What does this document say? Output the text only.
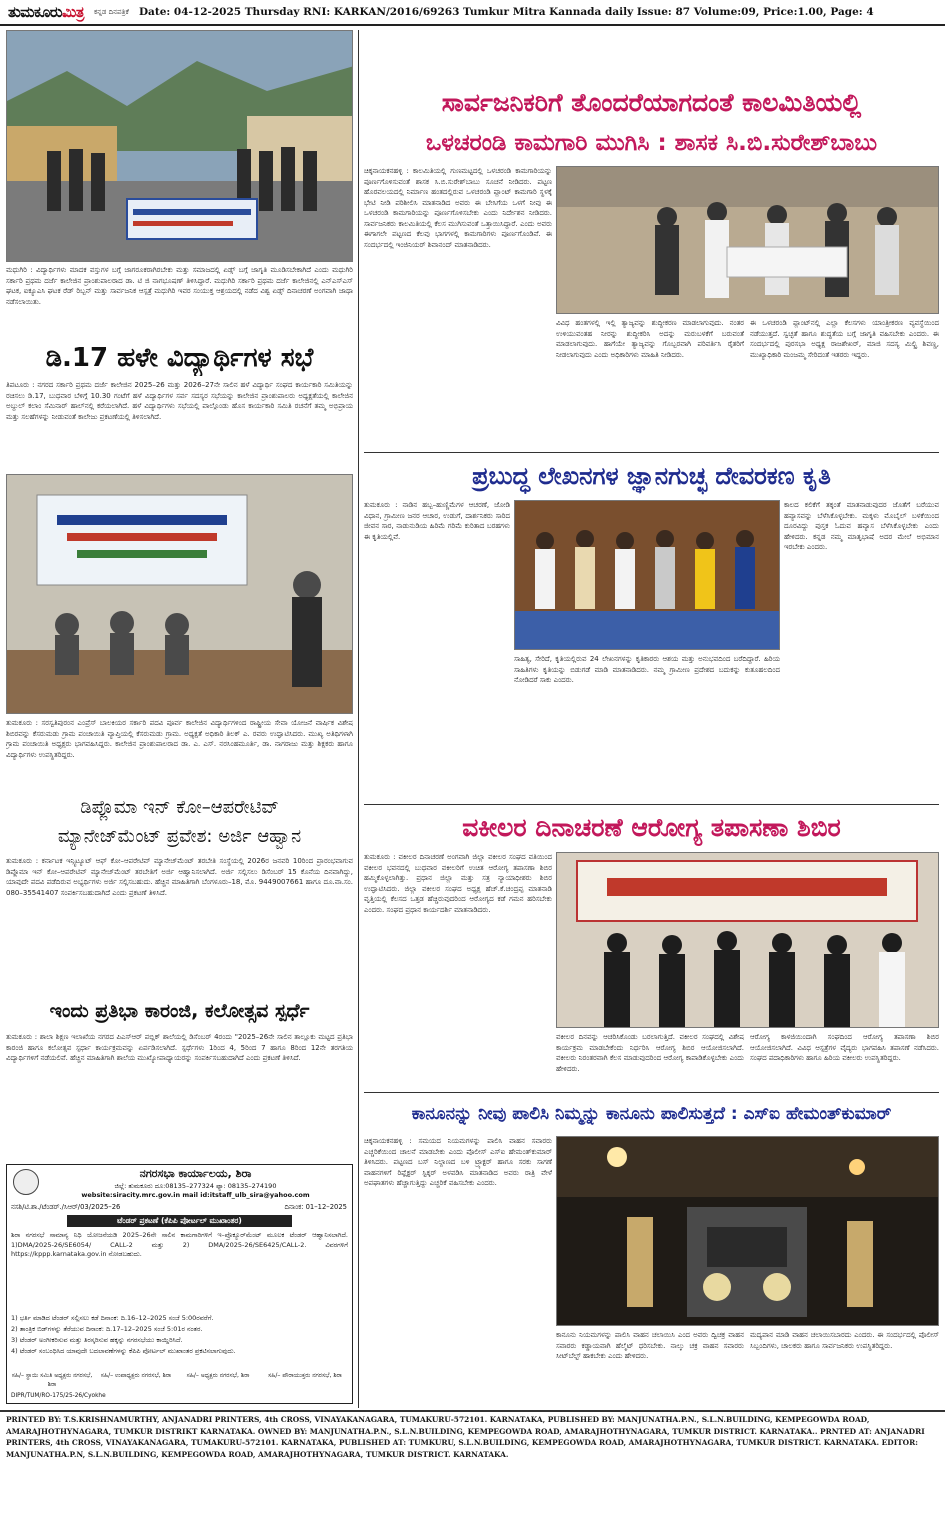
ತುಮಕೂರುಮಿತ್ರ ಕನ್ನಡ ದಿನಪತ್ರಿಕೆ Date: 04-12-2025 Thursday RNI: KARKAN/2016/69263 Tumkur Mitra Kannada daily Issue: 87 Volume:09, Price:1.00, Page: 4
ಮಧುಗಿರಿ : ವಿದ್ಯಾರ್ಥಿಗಳು ಮಾದಕ ವಸ್ತುಗಳ ಬಗ್ಗೆ ಜಾಗರೂಕರಾಗಿರಬೇಕು ಮತ್ತು ಸಮಾಜದಲ್ಲಿ ಏಡ್ಸ್ ಬಗ್ಗೆ ಜಾಗೃತಿ ಮೂಡಿಸಬೇಕಾಗಿದೆ ಎಂದು ಮಧುಗಿರಿ ಸರ್ಕಾರಿ ಪ್ರಥಮ ದರ್ಜೆ ಕಾಲೇಜಿನ ಪ್ರಾಂಶುಪಾಲರಾದ ಡಾ. ಟಿ ಜಿ ನಾಗಭೂಷಣ್ ತಿಳಿಸಿದ್ದಾರೆ. ಮಧುಗಿರಿ ಸರ್ಕಾರಿ ಪ್ರಥಮ ದರ್ಜೆ ಕಾಲೇಜಿನಲ್ಲಿ ಎನ್‌ಎಸ್‌ಎಸ್ ಘಟಕ, ಐಕ್ಯೂಎಸಿ ಘಟಕ ರೆಡ್ ರಿಬ್ಬನ್ ಮತ್ತು ಸಾರ್ವಜನಿಕ ಆಸ್ಪತ್ರೆ ಮಧುಗಿರಿ ಇವರ ಸಂಯುಕ್ತ ಆಶ್ರಯದಲ್ಲಿ ನಡೆದ ವಿಶ್ವ ಏಡ್ಸ್ ದಿನಾಚರಣೆ ಅಂಗವಾಗಿ ಜಾಥಾ ನಡೆಸಲಾಯಿತು.
ಡಿ.17 ಹಳೇ ವಿದ್ಯಾರ್ಥಿಗಳ ಸಭೆ
ತಿಪಟೂರು : ನಗರದ ಸರ್ಕಾರಿ ಪ್ರಥಮ ದರ್ಜೆ ಕಾಲೇಜಿನ 2025–26 ಮತ್ತು 2026–27ನೇ ಸಾಲಿನ ಹಳೆ ವಿದ್ಯಾರ್ಥಿ ಸಂಘದ ಕಾರ್ಯಕಾರಿ ಸಮಿತಿಯನ್ನು ರಚಿಸಲು ಡಿ.17, ಬುಧವಾರ ಬೆಳಿಗ್ಗೆ 10.30 ಗಂಟೆಗೆ ಹಳೆ ವಿದ್ಯಾರ್ಥಿಗಳ ಸರ್ವ ಸದಸ್ಯರ ಸಭೆಯನ್ನು ಕಾಲೇಜಿನ ಪ್ರಾಂಶುಪಾಲರು ಅಧ್ಯಕ್ಷತೆಯಲ್ಲಿ ಕಾಲೇಜಿನ ಅಬ್ದುಲ್ ಕಲಾಂ ಸೆಮಿನಾರ್ ಹಾಲ್‌ನಲ್ಲಿ ಕರೆಯಲಾಗಿದೆ. ಹಳೆ ವಿದ್ಯಾರ್ಥಿಗಳು ಸಭೆಯಲ್ಲಿ ಪಾಲ್ಗೊಂಡು ಹೊಸ ಕಾರ್ಯಕಾರಿ ಸಮಿತಿ ರಚನೆಗೆ ತಮ್ಮ ಅಭಿಪ್ರಾಯ ಮತ್ತು ಸಲಹೆಗಳನ್ನು ನೀಡುವಂತೆ ಕಾಲೇಜು ಪ್ರಕಟಣೆಯಲ್ಲಿ ತಿಳಿಸಲಾಗಿದೆ.
ತುಮಕೂರು : ಸರಸ್ವತಿಪುರಂನ ಎಂಪ್ರೆಸ್ ಬಾಲಕಿಯರ ಸರ್ಕಾರಿ ಪದವಿ ಪೂರ್ವ ಕಾಲೇಜಿನ ವಿದ್ಯಾರ್ಥಿಗಳಿಂದ ರಾಷ್ಟ್ರೀಯ ಸೇವಾ ಯೋಜನೆ ವಾರ್ಷಿಕ ವಿಶೇಷ ಶಿಬಿರವನ್ನು ಕೆಸರುಮಡು ಗ್ರಾಮ ಪಂಚಾಯಿತಿ ವ್ಯಾಪ್ತಿಯಲ್ಲಿ ಕೆಸರುಮಡು ಗ್ರಾಮ. ಅಧ್ಯಕ್ಷತೆ ಅಧಿಕಾರಿ ತಿಲಕ್ ಎ. ರವರು ಉದ್ಘಾಟಿಸಿದರು. ಮುಖ್ಯ ಅತಿಥಿಗಳಾಗಿ ಗ್ರಾಮ ಪಂಚಾಯಿತಿ ಅಧ್ಯಕ್ಷರು ಭಾಗವಹಿಸಿದ್ದರು. ಕಾಲೇಜಿನ ಪ್ರಾಂಶುಪಾಲರಾದ ಡಾ. ಎ. ಎಸ್. ನರಸಿಂಹಮೂರ್ತಿ, ಡಾ. ನಾಗರಾಜು ಮತ್ತು ಶಿಕ್ಷಕರು ಹಾಗೂ ವಿದ್ಯಾರ್ಥಿಗಳು ಉಪಸ್ಥಿತರಿದ್ದರು.
ಡಿಪ್ಲೊಮಾ ಇನ್ ಕೋ–ಆಪರೇಟಿವ್
ಮ್ಯಾನೇಜ್‌ಮೆಂಟ್ ಪ್ರವೇಶ: ಅರ್ಜಿ ಆಹ್ವಾನ
ತುಮಕೂರು : ಕರ್ನಾಟಕ ಇನ್ಸ್ಟಿಟ್ಯೂಟ್ ಆಫ್ ಕೋ–ಆಪರೇಟಿವ್ ಮ್ಯಾನೇಜ್‌ಮೆಂಟ್ ತರಬೇತಿ ಸಂಸ್ಥೆಯಲ್ಲಿ 2026ರ ಜನವರಿ 10ರಿಂದ ಪ್ರಾರಂಭವಾಗುವ ಡಿಪ್ಲೊಮಾ ಇನ್ ಕೋ–ಆಪರೇಟಿವ್ ಮ್ಯಾನೇಜ್‌ಮೆಂಟ್ ತರಬೇತಿಗೆ ಅರ್ಜಿ ಆಹ್ವಾನಿಸಲಾಗಿದೆ. ಅರ್ಜಿ ಸಲ್ಲಿಸಲು ಡಿಸೆಂಬರ್ 15 ಕೊನೆಯ ದಿನವಾಗಿದ್ದು, ಯಾವುದೇ ಪದವಿ ಪಡೆದಿರುವ ಅಭ್ಯರ್ಥಿಗಳು ಅರ್ಜಿ ಸಲ್ಲಿಸಬಹುದು. ಹೆಚ್ಚಿನ ಮಾಹಿತಿಗಾಗಿ ಬೆಂಗಳೂರು–18, ಮೊ. 9449007661 ಹಾಗೂ ದೂ.ವಾ.ಸಂ. 080–35541407 ಸಂಪರ್ಕಿಸಬಹುದಾಗಿದೆ ಎಂದು ಪ್ರಕಟಣೆ ತಿಳಿಸಿದೆ.
ಇಂದು ಪ್ರತಿಭಾ ಕಾರಂಜಿ, ಕಲೋತ್ಸವ ಸ್ಪರ್ಧೆ
ತುಮಕೂರು : ಶಾಲಾ ಶಿಕ್ಷಣ ಇಲಾಖೆಯ ನಗರದ ಪಿಎಸ್‌ಆರ್ ಪಬ್ಲಿಕ್ ಶಾಲೆಯಲ್ಲಿ ಡಿಸೆಂಬರ್ 4ರಂದು "2025–26ನೇ ಸಾಲಿನ ತಾಲ್ಲೂಕು ಮಟ್ಟದ ಪ್ರತಿಭಾ ಕಾರಂಜಿ ಹಾಗೂ ಕಲೋತ್ಸವ ಸ್ಪರ್ಧಾ ಕಾರ್ಯಕ್ರಮವನ್ನು ಏರ್ಪಡಿಸಲಾಗಿದೆ. ಸ್ಪರ್ಧೆಗಳು 1ರಿಂದ 4, 5ರಿಂದ 7 ಹಾಗೂ 8ರಿಂದ 12ನೇ ತರಗತಿಯ ವಿದ್ಯಾರ್ಥಿಗಳಿಗೆ ನಡೆಯಲಿವೆ. ಹೆಚ್ಚಿನ ಮಾಹಿತಿಗಾಗಿ ಶಾಲೆಯ ಮುಖ್ಯೋಪಾಧ್ಯಾಯರನ್ನು ಸಂಪರ್ಕಿಸಬಹುದಾಗಿದೆ ಎಂದು ಪ್ರಕಟಣೆ ತಿಳಿಸಿದೆ.
ನಗರಸಭಾ ಕಾರ್ಯಾಲಯ, ಶಿರಾ
ಜಿಲ್ಲೆ: ತುಮಕೂರು ದೂ:08135–277324 ಫ್ಯಾ: 08135–274190
website:siracity.mrc.gov.in mail id:itstaff_ulb_sira@yahoo.com
ನಸಶಿ/ಟಿ.ಶಾ./ಟೆಂಡರ್./ಸಿಆರ್/03/2025–26	ದಿನಾಂಕ: 01–12–2025
ಟೆಂಡರ್ ಪ್ರಕಟಣೆ (ಕೆಪಿಪಿ ಪೋರ್ಟಲ್ ಮುಖಾಂತರ)
ಶಿರಾ ನಗರಸಭೆ ಸಾಮಾನ್ಯ ನಿಧಿ ಯೋಜನೆಯಡಿ 2025–26ನೇ ಸಾಲಿನ ಕಾಮಗಾರಿಗಳಿಗೆ ಇ–ಪ್ರೊಕ್ಯೂರ್‌ಮೆಂಟ್ ಮೂಲಕ ಟೆಂಡರ್ ಆಹ್ವಾನಿಸಲಾಗಿದೆ. 1)DMA/2025-26/SE6054/ CALL-2 ಮತ್ತು 2) DMA/2025-26/SE6425/CALL-2. ವಿವರಗಳಿಗೆ https://kppp.karnataka.gov.in ನೋಡಬಹುದು.
1) ಭರ್ತಿ ಮಾಡಿದ ಟೆಂಡರ್ ಸಲ್ಲಿಸಲು ಕಡೆ ದಿನಾಂಕ: ದಿ.16–12–2025 ಸಂಜೆ 5:00ರವರೆಗೆ.
2) ತಾಂತ್ರಿಕ ಬಿಡ್‌ಗಳನ್ನು ತೆರೆಯುವ ದಿನಾಂಕ: ದಿ.17–12–2025 ಸಂಜೆ 5:01ರ ನಂತರ.
3) ಟೆಂಡರ್ ಅಂಗೀಕರಿಸುವ ಮತ್ತು ತಿರಸ್ಕರಿಸುವ ಹಕ್ಕನ್ನು ನಗರಸಭೆಯು ಕಾಯ್ದಿರಿಸಿದೆ.
4) ಟೆಂಡರ್ ಸಂಬಂಧಿಸಿದ ಯಾವುದೇ ಬದಲಾವಣೆಗಳನ್ನು ಕೆಪಿಪಿ ಪೋರ್ಟಲ್ ಮುಖಾಂತರ ಪ್ರಕಟಿಸಲಾಗುವುದು.
ಸಹಿ/– ಸ್ಥಾಯಿ ಸಮಿತಿ ಅಧ್ಯಕ್ಷರು ನಗರಸಭೆ, ಶಿರಾ
ಸಹಿ/– ಉಪಾಧ್ಯಕ್ಷರು ನಗರಸಭೆ, ಶಿರಾ	ಸಹಿ/– ಅಧ್ಯಕ್ಷರು ನಗರಸಭೆ, ಶಿರಾ	ಸಹಿ/– ಪೌರಾಯುಕ್ತರು ನಗರಸಭೆ, ಶಿರಾ
DIPR/TUM/RO-175/25-26/Cyokhe
ಸಾರ್ವಜನಿಕರಿಗೆ ತೊಂದರೆಯಾಗದಂತೆ ಕಾಲಮಿತಿಯಲ್ಲಿ
ಒಳಚರಂಡಿ ಕಾಮಗಾರಿ ಮುಗಿಸಿ : ಶಾಸಕ ಸಿ.ಬಿ.ಸುರೇಶ್‌ಬಾಬು
ಚಿಕ್ಕನಾಯಕನಹಳ್ಳಿ : ಕಾಲಮಿತಿಯಲ್ಲಿ ಗುಣಮಟ್ಟದಲ್ಲಿ ಒಳಚರಂಡಿ ಕಾಮಗಾರಿಯನ್ನು ಪೂರ್ಣಗೊಳಿಸುವಂತೆ ಶಾಸಕ ಸಿ.ಬಿ.ಸುರೇಶ್‌ಬಾಬು ಸೂಚನೆ ನೀಡಿದರು. ಪಟ್ಟಣ ಹೊರವಲಯದಲ್ಲಿ ನಿರ್ಮಾಣ ಹಂತದಲ್ಲಿರುವ ಒಳಚರಂಡಿ ಪ್ಲಾಂಟ್ ಕಾಮಗಾರಿ ಸ್ಥಳಕ್ಕೆ ಭೇಟಿ ನೀಡಿ ಪರಿಶೀಲಿಸಿ ಮಾತನಾಡಿದ ಅವರು ಈ ಬೇಸಿಗೆಯ ಒಳಗೆ ನೀವು ಈ ಒಳಚರಂಡಿ ಕಾಮಗಾರಿಯನ್ನು ಪೂರ್ಣಗೊಳಿಸಬೇಕು ಎಂದು ನಿರ್ದೇಶನ ನೀಡಿದರು. ಸಾರ್ವಜನಿಕರು ಕಾಲಮಿತಿಯಲ್ಲಿ ಕೆಲಸ ಮುಗಿಸುವಂತೆ ಒತ್ತಾಯಿಸಿದ್ದಾರೆ. ಎಂದು ಅವರು ಈಗಾಗಲೇ ಪಟ್ಟಣದ ಕೆಲವು ಭಾಗಗಳಲ್ಲಿ ಕಾಮಗಾರಿಗಳು ಪೂರ್ಣಗೊಂಡಿವೆ. ಈ ಸಂದರ್ಭದಲ್ಲಿ ಇಂಜಿನಿಯರ್ ಶಿವಾನಂದ್ ಮಾತನಾಡಿದರು.
ವಿವಿಧ ಹಂತಗಳಲ್ಲಿ ಇಲ್ಲಿ ತ್ಯಾಜ್ಯವನ್ನು ಶುದ್ಧೀಕರಣ ಮಾಡಲಾಗುವುದು. ನಂತರ ಉಳಿಯುವಂತಹ ನೀರನ್ನು ಶುದ್ಧೀಕರಿಸಿ ಅದನ್ನು ಮರುಬಳಕೆಗೆ ಬರುವಂತೆ ಮಾಡಲಾಗುವುದು. ಹಾಗೆಯೇ ತ್ಯಾಜ್ಯವನ್ನು ಗೊಬ್ಬರವಾಗಿ ಪರಿವರ್ತಿಸಿ ರೈತರಿಗೆ ನೀಡಲಾಗುವುದು ಎಂದು ಅಧಿಕಾರಿಗಳು ಮಾಹಿತಿ ನೀಡಿದರು.
ಈ ಒಳಚರಂಡಿ ಪ್ಲಾಂಟ್‌ನಲ್ಲಿ ಎಲ್ಲಾ ಕೆಲಸಗಳು ಯಾಂತ್ರೀಕರಣ ವ್ಯವಸ್ಥೆಯಿಂದ ನಡೆಯುತ್ತದೆ. ಸ್ವಚ್ಛತೆ ಹಾಗೂ ಶುದ್ಧತೆಯ ಬಗ್ಗೆ ಜಾಗೃತಿ ವಹಿಸಬೇಕು ಎಂದರು. ಈ ಸಂದರ್ಭದಲ್ಲಿ ಪುರಸಭಾ ಅಧ್ಯಕ್ಷ ರಾಜಶೇಖರ್, ಮಾಜಿ ಸದಸ್ಯ ಮಿಲ್ಟ್ರಿ ಶಿವಣ್ಣ, ಮುಖ್ಯಾಧಿಕಾರಿ ಮಂಜಮ್ಮ ಸೇರಿದಂತೆ ಇತರರು ಇದ್ದರು.
ಪ್ರಬುದ್ಧ ಲೇಖನಗಳ ಜ್ಞಾನಗುಚ್ಛ ದೇವರಕಣ ಕೃತಿ
ತುಮಕೂರು : ನಾಡಿನ ಹಬ್ಬ–ಹುಣ್ಣಿಮೆಗಳ ಆಚರಣೆ, ಜೋಡಿ ವಿಧಾನ, ಗ್ರಾಮೀಣ ಜನರ ಆಚಾರ, ಉಡುಗೆ, ದಾರ್ಶನಿಕರು ಸಾರಿದ ಜೀವನ ಸಾರ, ನಾಡುನುಡಿಯ ಹಿರಿಮೆ ಗರಿಮೆ ಕುರಿತಾದ ಬರಹಗಳು ಈ ಕೃತಿಯಲ್ಲಿವೆ.
ಕಾಲದ ಕಲಿಕೆಗೆ ತಕ್ಕಂತೆ ಮಾತನಾಡುವುದರ ಜೊತೆಗೆ ಬರೆಯುವ ಹವ್ಯಾಸವನ್ನು ಬೆಳೆಸಿಕೊಳ್ಳಬೇಕು. ಮಕ್ಕಳು ಮೊಬೈಲ್ ಬಳಕೆಯಿಂದ ದೂರವಿದ್ದು ಪುಸ್ತಕ ಓದುವ ಹವ್ಯಾಸ ಬೆಳೆಸಿಕೊಳ್ಳಬೇಕು ಎಂದು ಹೇಳಿದರು. ಕನ್ನಡ ನಮ್ಮ ಮಾತೃಭಾಷೆ ಅದರ ಮೇಲೆ ಅಭಿಮಾನ ಇರಬೇಕು ಎಂದರು.
ಸಾಹಿತ್ಯ, ಸೇರಿದೆ, ಕೃತಿಯಲ್ಲಿರುವ 24 ಲೇಖನಗಳನ್ನು ಕೃತಿಕಾರರು ಆಶಯ ಮತ್ತು ಅನುಭವದಿಂದ ಬರೆದಿದ್ದಾರೆ. ಹಿರಿಯ ಸಾಹಿತಿಗಳು ಕೃತಿಯನ್ನು ಬಿಡುಗಡೆ ಮಾಡಿ ಮಾತನಾಡಿದರು. ನಮ್ಮ ಗ್ರಾಮೀಣ ಪ್ರದೇಶದ ಬದುಕನ್ನು ಕುತೂಹಲದಿಂದ ನೋಡಿದರೆ ಸಾಕು ಎಂದರು.
ವಕೀಲರ ದಿನಾಚರಣೆ ಆರೋಗ್ಯ ತಪಾಸಣಾ ಶಿಬಿರ
ತುಮಕೂರು : ವಕೀಲರ ದಿನಾಚರಣೆ ಅಂಗವಾಗಿ ಜಿಲ್ಲಾ ವಕೀಲರ ಸಂಘದ ವತಿಯಿಂದ ವಕೀಲರ ಭವನದಲ್ಲಿ ಬುಧವಾರ ವಕೀಲರಿಗೆ ಉಚಿತ ಆರೋಗ್ಯ ತಪಾಸಣಾ ಶಿಬಿರ ಹಮ್ಮಿಕೊಳ್ಳಲಾಗಿತ್ತು. ಪ್ರಧಾನ ಜಿಲ್ಲಾ ಮತ್ತು ಸತ್ರ ನ್ಯಾಯಾಧೀಶರು ಶಿಬಿರ ಉದ್ಘಾಟಿಸಿದರು. ಜಿಲ್ಲಾ ವಕೀಲರ ಸಂಘದ ಅಧ್ಯಕ್ಷ ಹೆಚ್.ಕೆ.ಚಂದ್ರಪ್ಪ ಮಾತನಾಡಿ ವೃತ್ತಿಯಲ್ಲಿ ಕೆಲಸದ ಒತ್ತಡ ಹೆಚ್ಚಿರುವುದರಿಂದ ಆರೋಗ್ಯದ ಕಡೆ ಗಮನ ಹರಿಸಬೇಕು ಎಂದರು. ಸಂಘದ ಪ್ರಧಾನ ಕಾರ್ಯದರ್ಶಿ ಮಾತನಾಡಿದರು.
ವಕೀಲರ ದಿನವನ್ನು ಆಚರಿಸಿಕೊಂಡು ಬರಲಾಗುತ್ತಿದೆ. ವಕೀಲರ ಸಂಘದಲ್ಲಿ ವಿಶೇಷ ಕಾರ್ಯಕ್ರಮ ಮಾಡಬೇಕೆಂದು ನಿರ್ಧರಿಸಿ ಆರೋಗ್ಯ ಶಿಬಿರ ಆಯೋಜಿಸಲಾಗಿದೆ. ವಕೀಲರು ನಿರಂತರವಾಗಿ ಕೆಲಸ ಮಾಡುವುದರಿಂದ ಆರೋಗ್ಯ ಕಾಪಾಡಿಕೊಳ್ಳಬೇಕು ಎಂದು ಹೇಳಿದರು.
ಆರೋಗ್ಯ ಕಾಳಜಿಯಿಂದಾಗಿ ಸಂಘದಿಂದ ಆರೋಗ್ಯ ತಪಾಸಣಾ ಶಿಬಿರ ಆಯೋಜಿಸಲಾಗಿದೆ. ವಿವಿಧ ಆಸ್ಪತ್ರೆಗಳ ವೈದ್ಯರು ಭಾಗವಹಿಸಿ ತಪಾಸಣೆ ನಡೆಸಿದರು. ಸಂಘದ ಪದಾಧಿಕಾರಿಗಳು ಹಾಗೂ ಹಿರಿಯ ವಕೀಲರು ಉಪಸ್ಥಿತರಿದ್ದರು.
ಕಾನೂನನ್ನು ನೀವು ಪಾಲಿಸಿ ನಿಮ್ಮನ್ನು ಕಾನೂನು ಪಾಲಿಸುತ್ತದೆ : ಎಸ್‌ಐ ಹೇಮಂತ್‌ಕುಮಾರ್
ಚಿಕ್ಕನಾಯಕನಹಳ್ಳಿ : ಸಮಯದ ನಿಯಮಗಳನ್ನು ಪಾಲಿಸಿ ವಾಹನ ಸವಾರರು ಎಚ್ಚರಿಕೆಯಿಂದ ಚಾಲನೆ ಮಾಡಬೇಕು ಎಂದು ಪೊಲೀಸ್ ಎಸ್‌ಐ ಹೇಮಂತ್‌ಕುಮಾರ್ ತಿಳಿಸಿದರು. ಪಟ್ಟಣದ ಬಸ್ ನಿಲ್ದಾಣದ ಬಳಿ ಟ್ರ್ಯಾಕ್ಟರ್ ಹಾಗೂ ಸರಕು ಸಾಗಣೆ ವಾಹನಗಳಿಗೆ ರಿಫ್ಲೆಕ್ಟರ್ ಸ್ಟಿಕ್ಕರ್ ಅಳವಡಿಸಿ ಮಾತನಾಡಿದ ಅವರು ರಾತ್ರಿ ವೇಳೆ ಅಪಘಾತಗಳು ಹೆಚ್ಚಾಗುತ್ತಿದ್ದು ಎಚ್ಚರಿಕೆ ವಹಿಸಬೇಕು ಎಂದರು.
ಕಾನೂನು ನಿಯಮಗಳನ್ನು ಪಾಲಿಸಿ ವಾಹನ ಚಲಾಯಿಸಿ ಎಂದ ಅವರು ದ್ವಿಚಕ್ರ ವಾಹನ ಸವಾರರು ಕಡ್ಡಾಯವಾಗಿ ಹೆಲ್ಮೆಟ್ ಧರಿಸಬೇಕು. ನಾಲ್ಕು ಚಕ್ರ ವಾಹನ ಸವಾರರು ಸೀಟ್‌ಬೆಲ್ಟ್ ಹಾಕಬೇಕು ಎಂದು ಹೇಳಿದರು.
ಮದ್ಯಪಾನ ಮಾಡಿ ವಾಹನ ಚಲಾಯಿಸಬಾರದು ಎಂದರು. ಈ ಸಂದರ್ಭದಲ್ಲಿ ಪೊಲೀಸ್ ಸಿಬ್ಬಂದಿಗಳು, ಚಾಲಕರು ಹಾಗೂ ಸಾರ್ವಜನಿಕರು ಉಪಸ್ಥಿತರಿದ್ದರು.
PRINTED BY: T.S.KRISHNAMURTHY, ANJANADRI PRINTERS, 4th CROSS, VINAYAKANAGARA, TUMAKURU-572101. KARNATAKA, PUBLISHED BY: MANJUNATHA.P.N., S.L.N.BUILDING, KEMPEGOWDA ROAD, AMARAJHOTHYNAGARA, TUMKUR DISTRIKT KARNATAKA. OWNED BY: MANJUNATHA.P.N., S.L.N.BUILDING, KEMPEGOWDA ROAD, AMARAJHOTHYNAGARA, TUMKUR DISTRICT. KARNATAKA.. PRNTED AT: ANJANADRI PRINTERS, 4th CROSS, VINAYAKANAGARA, TUMAKURU-572101. KARNATAKA, PUBLISHED AT: TUMKURU, S.L.N.BUILDING, KEMPEGOWDA ROAD, AMARAJHOTHYNAGARA, TUMKUR DISTRICT. KARNATAKA. EDITOR: MANJUNATHA.P.N, S.L.N.BUILDING, KEMPEGOWDA ROAD, AMARAJHOTHYNAGARA, TUMKUR DISTRICT. KARNATAKA.
